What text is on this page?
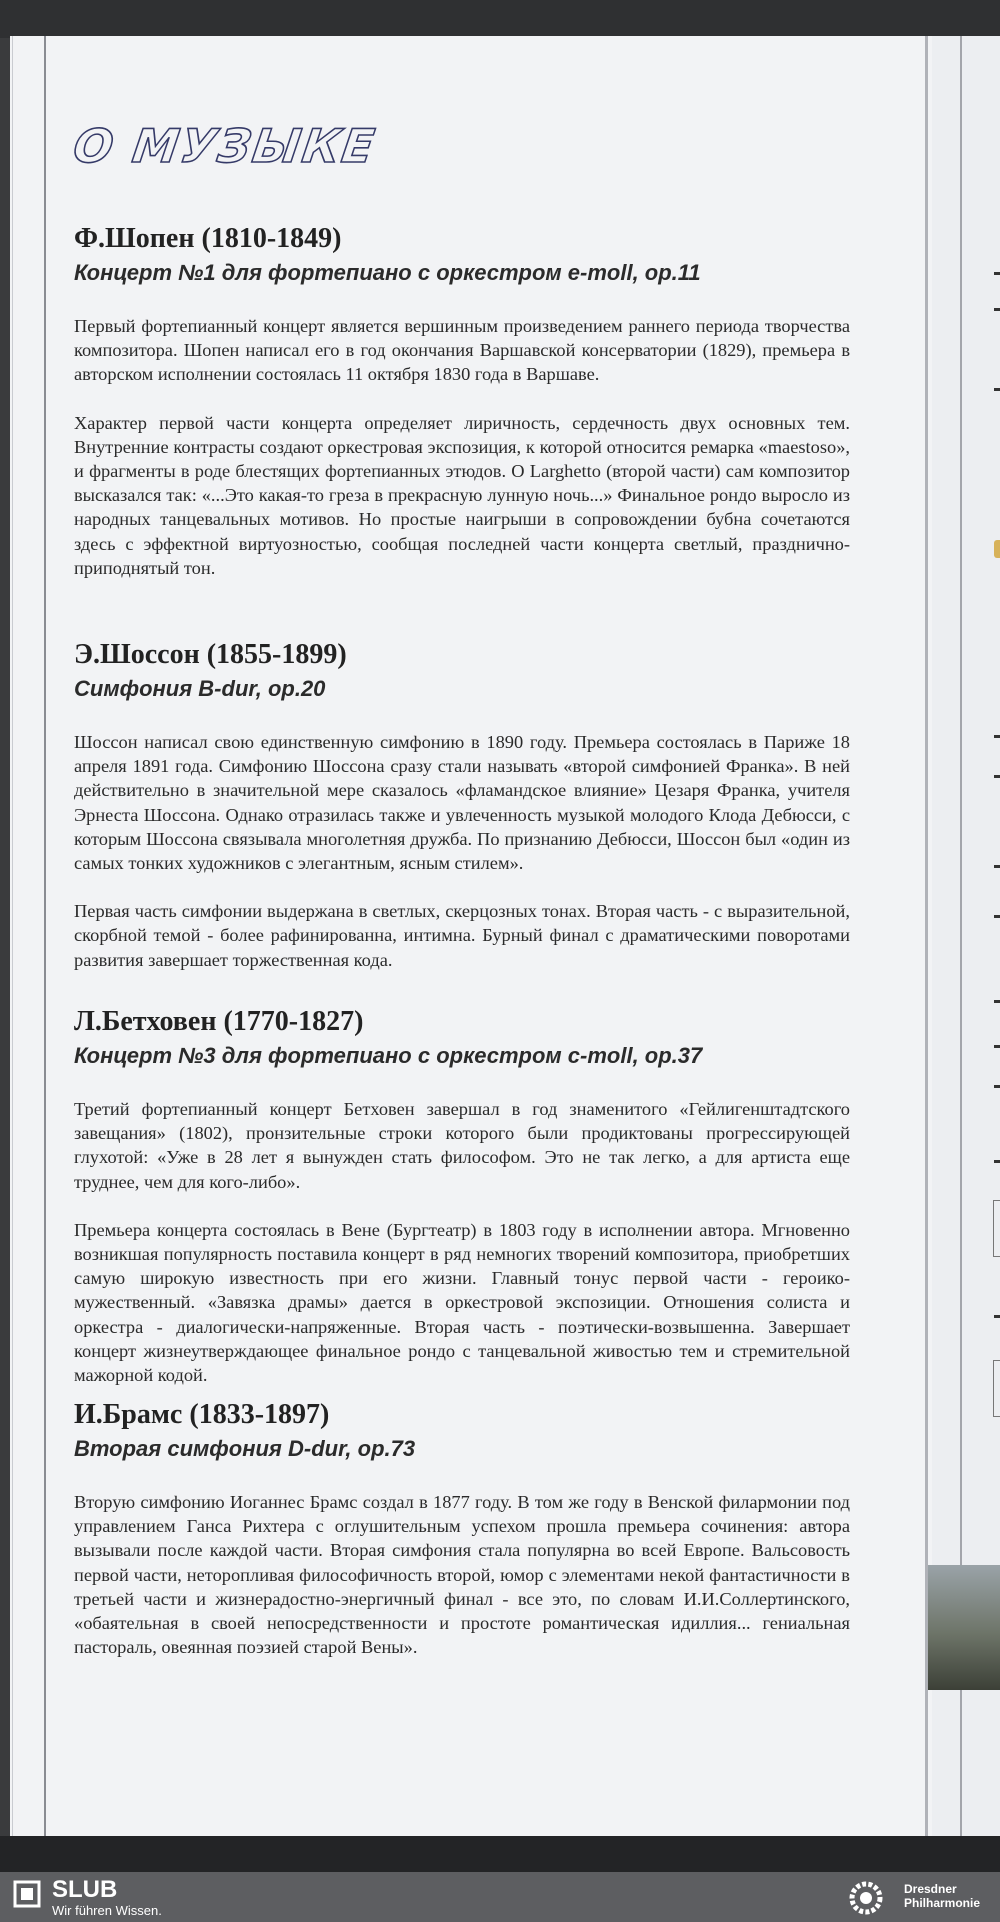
О МУЗЫКЕ
Ф.Шопен (1810-1849)
Концерт №1 для фортепиано с оркестром e-moll, op.11

Первый фортепианный концерт является вершинным произведением раннего периода творчества композитора. Шопен написал его в год окончания Варшавской консерватории (1829), премьера в авторском исполнении состоялась 11 октября 1830 года в Варшаве.

Характер первой части концерта определяет лиричность, сердечность двух основных тем. Внутренние контрасты создают оркестровая экспозиция, к которой относится ремарка «maestoso», и фрагменты в роде блестящих фортепианных этюдов. О Larghetto (второй части) сам композитор высказался так: «...Это какая-то греза в прекрасную лунную ночь...» Финальное рондо выросло из народных танцевальных мотивов. Но простые наигрыши в сопровождении бубна сочетаются здесь с эффектной виртуозностью, сообщая последней части концерта светлый, празднично- приподнятый тон.

Э.Шоссон (1855-1899)
Симфония B-dur, op.20

Шоссон написал свою единственную симфонию в 1890 году. Премьера состоялась в Париже 18 апреля 1891 года. Симфонию Шоссона сразу стали называть «второй симфонией Франка». В ней действительно в значительной мере сказалось «фламандское влияние» Цезаря Франка, учителя Эрнеста Шоссона. Однако отразилась также и увлеченность музыкой молодого Клода Дебюсси, с которым Шоссона связывала многолетняя дружба. По признанию Дебюсси, Шоссон был «один из самых тонких художников с элегантным, ясным стилем».

Первая часть симфонии выдержана в светлых, скерцозных тонах. Вторая часть - с выразительной, скорбной темой - более рафинированна, интимна. Бурный финал с драматическими поворотами развития завершает торжественная кода.

Л.Бетховен (1770-1827)
Концерт №3 для фортепиано с оркестром c-moll, op.37

Третий фортепианный концерт Бетховен завершал в год знаменитого «Гейлигенштадтского завещания» (1802), пронзительные строки которого были продиктованы прогрессирующей глухотой: «Уже в 28 лет я вынужден стать философом. Это не так легко, а для артиста еще труднее, чем для кого-либо».

Премьера концерта состоялась в Вене (Бургтеатр) в 1803 году в исполнении автора. Мгновенно возникшая популярность поставила концерт в ряд немногих творений композитора, приобретших самую широкую известность при его жизни. Главный тонус первой части - героико-мужественный. «Завязка драмы» дается в оркестровой экспозиции. Отношения солиста и оркестра - диалогически-напряженные. Вторая часть - поэтически-возвышенна. Завершает концерт жизнеутверждающее финальное рондо с танцевальной живостью тем и стремительной мажорной кодой.

И.Брамс (1833-1897)
Вторая симфония D-dur, op.73

Вторую симфонию Иоганнес Брамс создал в 1877 году. В том же году в Венской филармонии под управлением Ганса Рихтера с оглушительным успехом прошла премьера сочинения: автора вызывали после каждой части. Вторая симфония стала популярна во всей Европе. Вальсовость первой части, неторопливая философичность второй, юмор с элементами некой фантастичности в третьей части и жизнерадостно-энергичный финал - все это, по словам И.И.Соллертинского, «обаятельная в своей непосредственности и простоте романтическая идиллия... гениальная пастораль, овеянная поэзией старой Вены».

SLUB
Wir führen Wissen.
Dresdner
Philharmonie
